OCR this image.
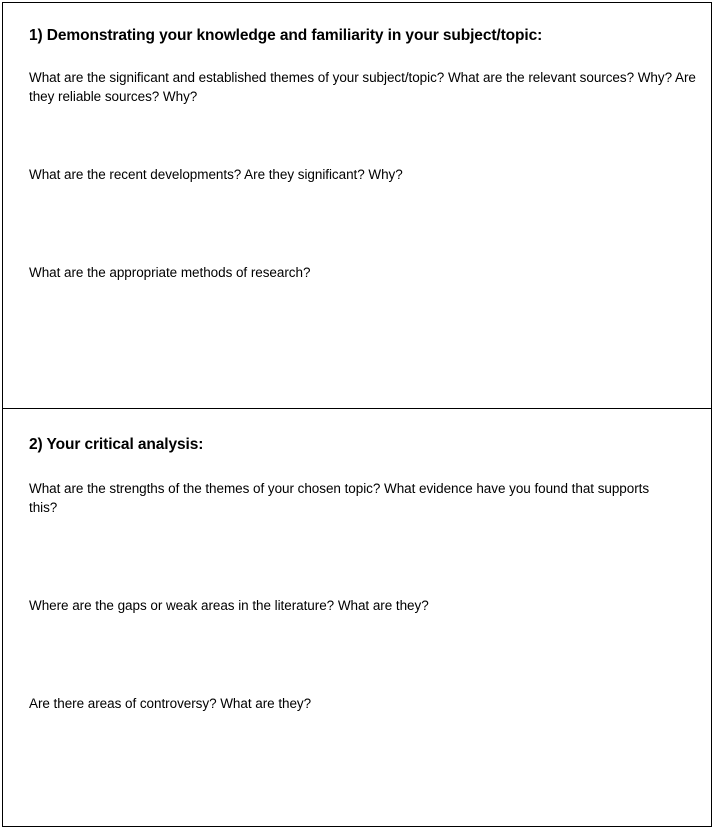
1) Demonstrating your knowledge and familiarity in your subject/topic:
What are the significant and established themes of your subject/topic? What are the relevant sources? Why? Are they reliable sources? Why?
What are the recent developments? Are they significant? Why?
What are the appropriate methods of research?
2) Your critical analysis:
What are the strengths of the themes of your chosen topic? What evidence have you found that supports this?
Where are the gaps or weak areas in the literature? What are they?
Are there areas of controversy? What are they?
